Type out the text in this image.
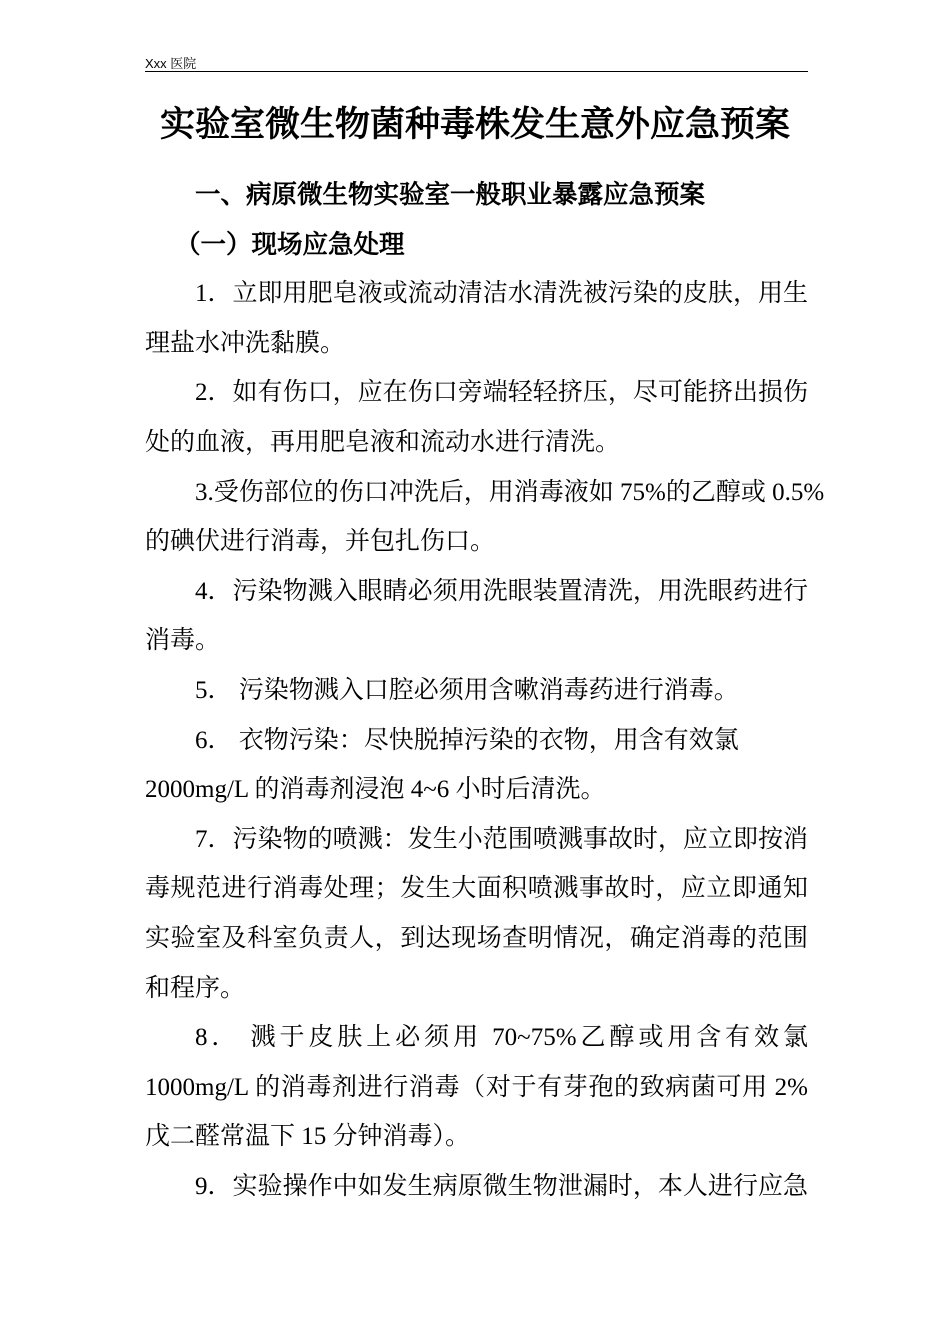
Xxx 医院
实验室微生物菌种毒株发生意外应急预案
一、病原微生物实验室一般职业暴露应急预案
（一）现场应急处理
1．立即用肥皂液或流动清洁水清洗被污染的皮肤，用生
理盐水冲洗黏膜。
2．如有伤口，应在伤口旁端轻轻挤压，尽可能挤出损伤
处的血液，再用肥皂液和流动水进行清洗。
3.受伤部位的伤口冲洗后，用消毒液如 75%的乙醇或 0.5%
的碘伏进行消毒，并包扎伤口。
4．污染物溅入眼睛必须用洗眼装置清洗，用洗眼药进行
消毒。
5． 污染物溅入口腔必须用含嗽消毒药进行消毒。
6． 衣物污染：尽快脱掉污染的衣物，用含有效氯
2000mg/L 的消毒剂浸泡 4~6 小时后清洗。
7．污染物的喷溅：发生小范围喷溅事故时，应立即按消
毒规范进行消毒处理；发生大面积喷溅事故时，应立即通知
实验室及科室负责人，到达现场查明情况，确定消毒的范围
和程序。
8． 溅于皮肤上必须用 70~75%乙醇或用含有效氯
1000mg/L 的消毒剂进行消毒（对于有芽孢的致病菌可用 2%
戊二醛常温下 15 分钟消毒）。
9．实验操作中如发生病原微生物泄漏时，本人进行应急
